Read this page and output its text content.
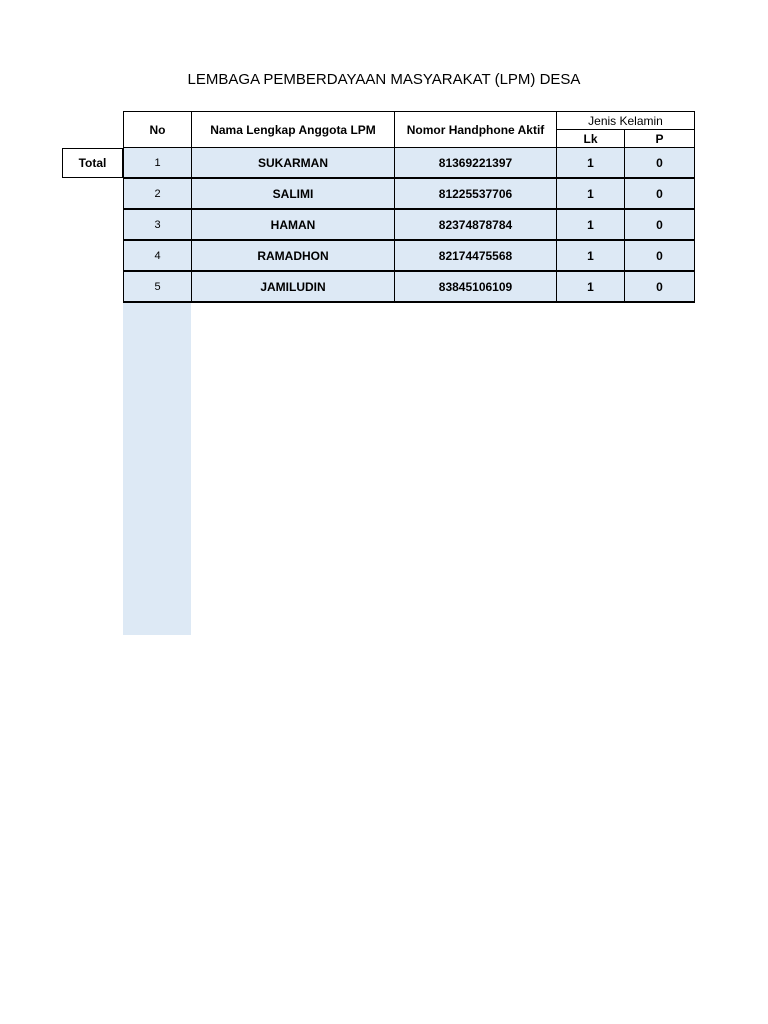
LEMBAGA PEMBERDAYAAN MASYARAKAT (LPM) DESA
Total
No	Nama Lengkap Anggota LPM	Nomor Handphone Aktif	Jenis Kelamin	
			Lk	P
1	SUKARMAN	81369221397	1	0
2	SALIMI	81225537706	1	0
3	HAMAN	82374878784	1	0
4	RAMADHON	82174475568	1	0
5	JAMILUDIN	83845106109	1	0
